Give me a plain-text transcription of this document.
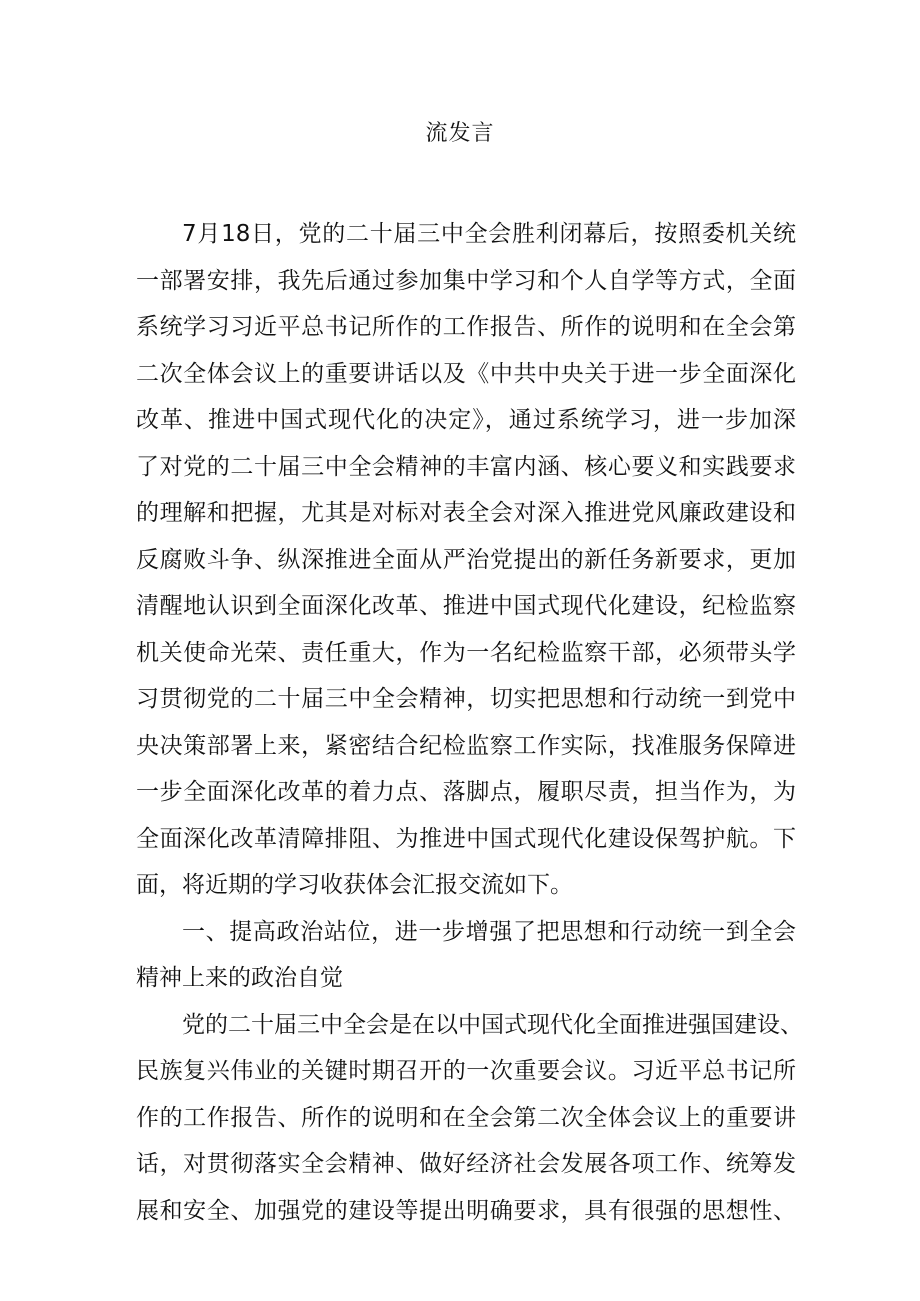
流发言
7月18日，党的二十届三中全会胜利闭幕后，按照委机关统
一部署安排，我先后通过参加集中学习和个人自学等方式，全面
系统学习习近平总书记所作的工作报告、所作的说明和在全会第
二次全体会议上的重要讲话以及《中共中央关于进一步全面深化
改革、推进中国式现代化的决定》，通过系统学习，进一步加深
了对党的二十届三中全会精神的丰富内涵、核心要义和实践要求
的理解和把握，尤其是对标对表全会对深入推进党风廉政建设和
反腐败斗争、纵深推进全面从严治党提出的新任务新要求，更加
清醒地认识到全面深化改革、推进中国式现代化建设，纪检监察
机关使命光荣、责任重大，作为一名纪检监察干部，必须带头学
习贯彻党的二十届三中全会精神，切实把思想和行动统一到党中
央决策部署上来，紧密结合纪检监察工作实际，找准服务保障进
一步全面深化改革的着力点、落脚点，履职尽责，担当作为，为
全面深化改革清障排阻、为推进中国式现代化建设保驾护航。下
面，将近期的学习收获体会汇报交流如下。
一、提高政治站位，进一步增强了把思想和行动统一到全会
精神上来的政治自觉
党的二十届三中全会是在以中国式现代化全面推进强国建设、
民族复兴伟业的关键时期召开的一次重要会议。习近平总书记所
作的工作报告、所作的说明和在全会第二次全体会议上的重要讲
话，对贯彻落实全会精神、做好经济社会发展各项工作、统筹发
展和安全、加强党的建设等提出明确要求，具有很强的思想性、
